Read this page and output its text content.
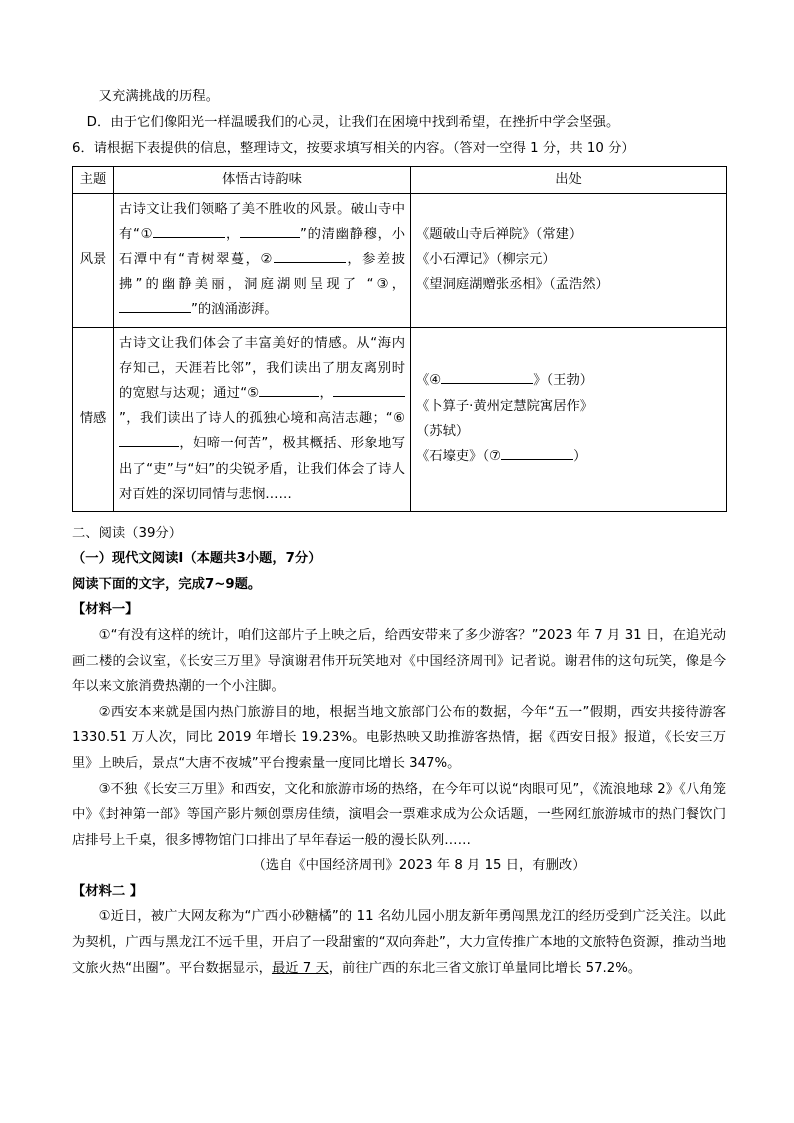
又充满挑战的历程。
D．由于它们像阳光一样温暖我们的心灵，让我们在困境中找到希望，在挫折中学会坚强。
6．请根据下表提供的信息，整理诗文，按要求填写相关的内容。（答对一空得 1 分，共 10 分）
主题	体悟古诗韵味	出处
风景	古诗文让我们领略了美不胜收的风景。破山寺中有“① ， ”的清幽静穆，小石潭中有“青树翠蔓，② ，参差披拂”的幽静美丽，洞庭湖则呈现了 “③，”的汹涌澎湃。	《题破山寺后禅院》（常建）
《小石潭记》（柳宗元）
《望洞庭湖赠张丞相》（孟浩然）

情感	古诗文让我们体会了丰富美好的情感。从“海内存知己，天涯若比邻”，我们读出了朋友离别时的宽慰与达观；通过“⑤ ，”，我们读出了诗人的孤独心境和高洁志趣；“⑥，妇啼一何苦”，极其概括、形象地写出了“吏”与“妇”的尖锐矛盾，让我们体会了诗人对百姓的深切同情与悲悯……	《④ 》（王勃）
《卜算子·黄州定慧院寓居作》
（苏轼）
《石壕吏》（⑦ ）
二、阅读（39分）
（一）现代文阅读Ⅰ（本题共3小题，7分）
阅读下面的文字，完成7~9题。
【材料一】
①“有没有这样的统计，咱们这部片子上映之后，给西安带来了多少游客？”2023 年 7 月 31 日，在追光动画二楼的会议室，《长安三万里》导演谢君伟开玩笑地对《中国经济周刊》记者说。谢君伟的这句玩笑，像是今年以来文旅消费热潮的一个小注脚。
②西安本来就是国内热门旅游目的地，根据当地文旅部门公布的数据，今年“五一”假期，西安共接待游客 1330.51 万人次，同比 2019 年增长 19.23%。电影热映又助推游客热情，据《西安日报》报道，《长安三万里》上映后，景点“大唐不夜城”平台搜索量一度同比增长 347%。
③不独《长安三万里》和西安，文化和旅游市场的热络，在今年可以说“肉眼可见”，《流浪地球 2》《八角笼中》《封神第一部》等国产影片频创票房佳绩，演唱会一票难求成为公众话题，一些网红旅游城市的热门餐饮门店排号上千桌，很多博物馆门口排出了早年春运一般的漫长队列……
（选自《中国经济周刊》2023 年 8 月 15 日，有删改）
【材料二 】
①近日，被广大网友称为“广西小砂糖橘”的 11 名幼儿园小朋友新年勇闯黑龙江的经历受到广泛关注。以此为契机，广西与黑龙江不远千里，开启了一段甜蜜的“双向奔赴”，大力宣传推广本地的文旅特色资源，推动当地文旅火热“出圈”。平台数据显示，最近 7 天，前往广西的东北三省文旅订单量同比增长 57.2%。
